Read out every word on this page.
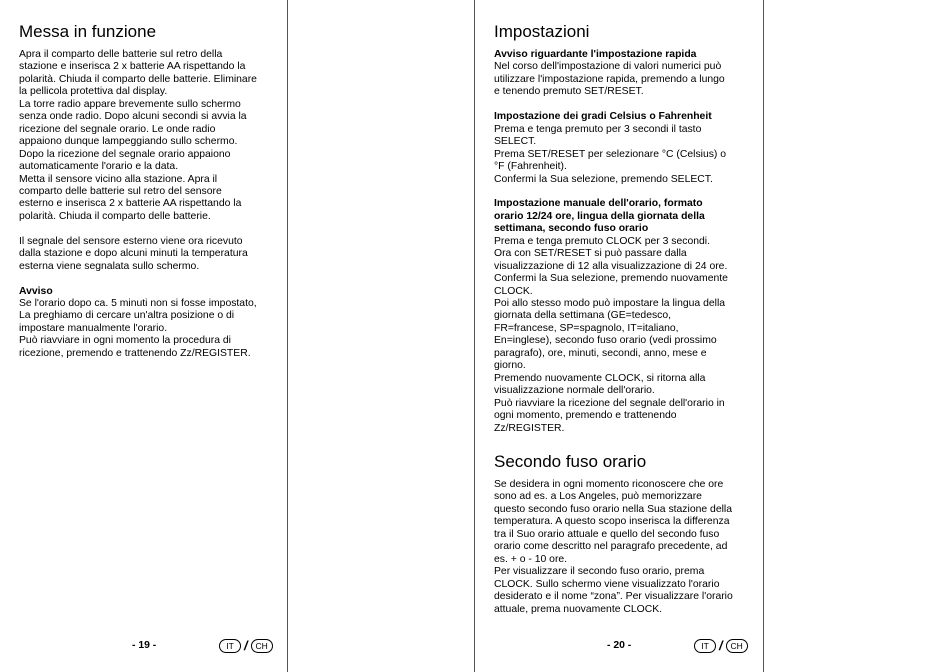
Messa in funzione

Apra il comparto delle batterie sul retro della
stazione e inserisca 2 x batterie AA rispettando la
polarità. Chiuda il comparto delle batterie. Eliminare
la pellicola protettiva dal display.
La torre radio appare brevemente sullo schermo
senza onde radio. Dopo alcuni secondi si avvia la
ricezione del segnale orario. Le onde radio
appaiono dunque lampeggiando sullo schermo.
Dopo la ricezione del segnale orario appaiono
automaticamente l'orario e la data.
Metta il sensore vicino alla stazione. Apra il
comparto delle batterie sul retro del sensore
esterno e inserisca 2 x batterie AA rispettando la
polarità. Chiuda il comparto delle batterie.

Il segnale del sensore esterno viene ora ricevuto
dalla stazione e dopo alcuni minuti la temperatura
esterna viene segnalata sullo schermo.

Avviso

Se l'orario dopo ca. 5 minuti non si fosse impostato,
La preghiamo di cercare un'altra posizione o di
impostare manualmente l'orario.
Può riavviare in ogni momento la procedura di
ricezione, premendo e trattenendo Zz/REGISTER.

- 19 -	IT / CH
Impostazioni

Avviso riguardante l'impostazione rapida

Nel corso dell'impostazione di valori numerici può
utilizzare l'impostazione rapida, premendo a lungo
e tenendo premuto SET/RESET.

Impostazione dei gradi Celsius o Fahrenheit

Prema e tenga premuto per 3 secondi il tasto
SELECT.
Prema SET/RESET per selezionare °C (Celsius) o
°F (Fahrenheit).
Confermi la Sua selezione, premendo SELECT.

Impostazione manuale dell'orario, formato
orario 12/24 ore, lingua della giornata della
settimana, secondo fuso orario

Prema e tenga premuto CLOCK per 3 secondi.
Ora con SET/RESET si può passare dalla
visualizzazione di 12 alla visualizzazione di 24 ore.
Confermi la Sua selezione, premendo nuovamente
CLOCK.
Poi allo stesso modo può impostare la lingua della
giornata della settimana (GE=tedesco,
FR=francese, SP=spagnolo, IT=italiano,
En=inglese), secondo fuso orario (vedi prossimo
paragrafo), ore, minuti, secondi, anno, mese e
giorno.
Premendo nuovamente CLOCK, si ritorna alla
visualizzazione normale dell'orario.
Può riavviare la ricezione del segnale dell'orario in
ogni momento, premendo e trattenendo
Zz/REGISTER.

Secondo fuso orario

Se desidera in ogni momento riconoscere che ore
sono ad es. a Los Angeles, può memorizzare
questo secondo fuso orario nella Sua stazione della
temperatura. A questo scopo inserisca la differenza
tra il Suo orario attuale e quello del secondo fuso
orario come descritto nel paragrafo precedente, ad
es. + o - 10 ore.
Per visualizzare il secondo fuso orario, prema
CLOCK. Sullo schermo viene visualizzato l'orario
desiderato e il nome “zona”. Per visualizzare l'orario
attuale, prema nuovamente CLOCK.

- 20 -	IT / CH
